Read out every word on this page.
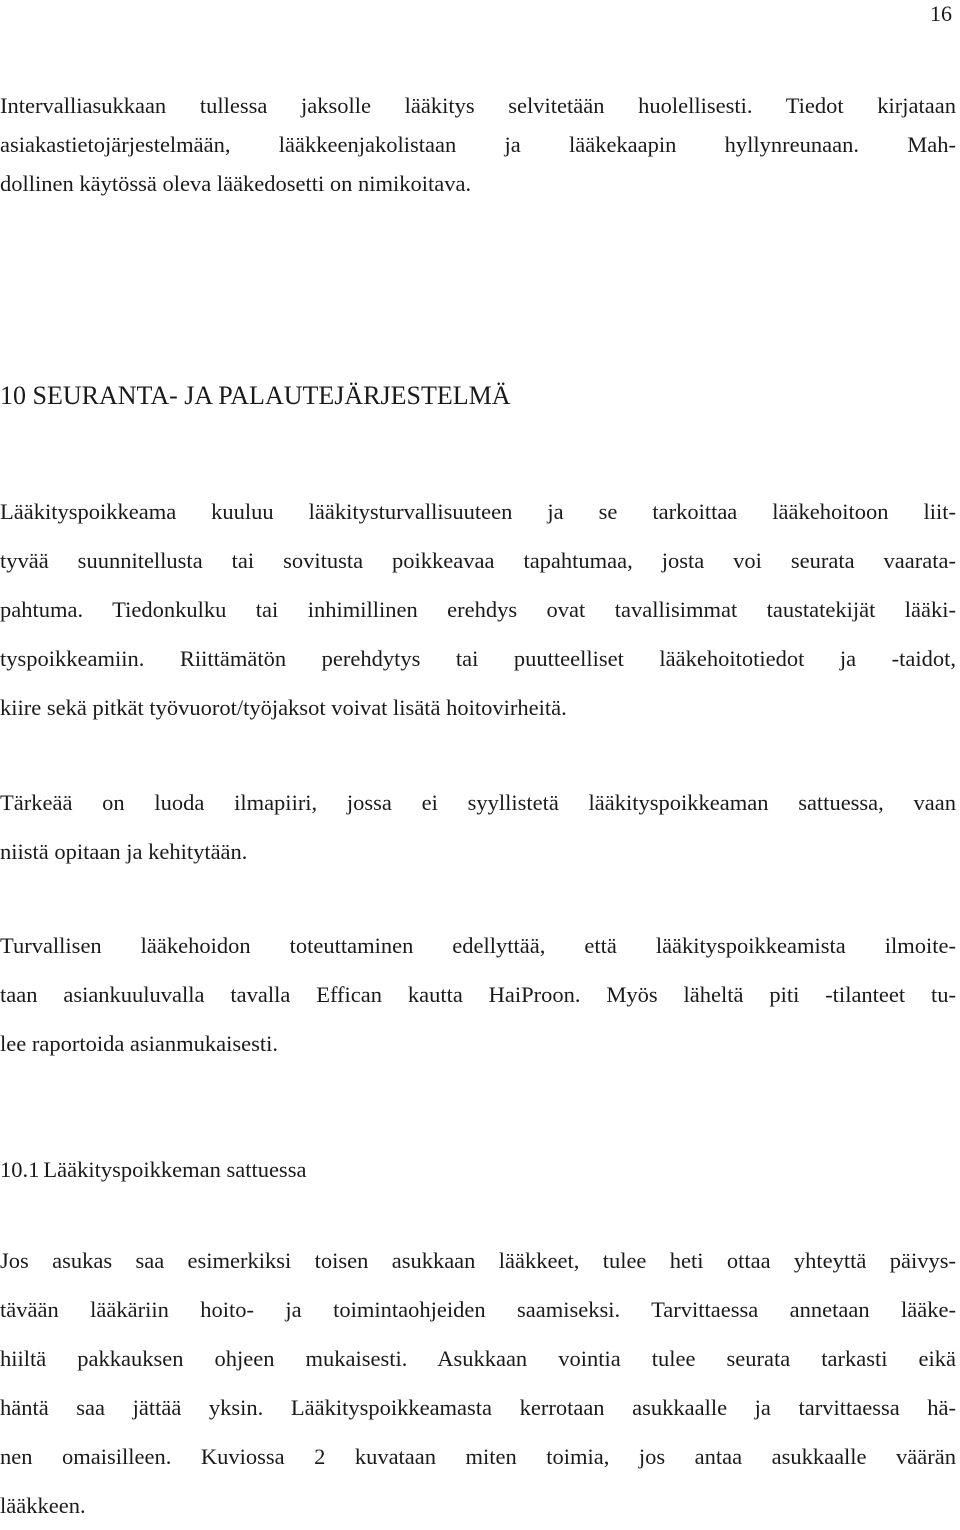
16
Intervalliasukkaan tullessa jaksolle lääkitys selvitetään huolellisesti. Tiedot kirjataan
asiakastietojärjestelmään, lääkkeenjakolistaan ja lääkekaapin hyllynreunaan. Mah-
dollinen käytössä oleva lääkedosetti on nimikoitava.
10 SEURANTA- JA PALAUTEJÄRJESTELMÄ
Lääkityspoikkeama kuuluu lääkitysturvallisuuteen ja se tarkoittaa lääkehoitoon liit-
tyvää suunnitellusta tai sovitusta poikkeavaa tapahtumaa, josta voi seurata vaarata-
pahtuma. Tiedonkulku tai inhimillinen erehdys ovat tavallisimmat taustatekijät lääki-
tyspoikkeamiin. Riittämätön perehdytys tai puutteelliset lääkehoitotiedot ja -taidot,
kiire sekä pitkät työvuorot/työjaksot voivat lisätä hoitovirheitä.
Tärkeää on luoda ilmapiiri, jossa ei syyllistetä lääkityspoikkeaman sattuessa, vaan
niistä opitaan ja kehitytään.
Turvallisen lääkehoidon toteuttaminen edellyttää, että lääkityspoikkeamista ilmoite-
taan asiankuuluvalla tavalla Effican kautta HaiProon. Myös läheltä piti -tilanteet tu-
lee raportoida asianmukaisesti.
10.1 Lääkityspoikkeman sattuessa
Jos asukas saa esimerkiksi toisen asukkaan lääkkeet, tulee heti ottaa yhteyttä päivys-
tävään lääkäriin hoito- ja toimintaohjeiden saamiseksi. Tarvittaessa annetaan lääke-
hiiltä pakkauksen ohjeen mukaisesti. Asukkaan vointia tulee seurata tarkasti eikä
häntä saa jättää yksin. Lääkityspoikkeamasta kerrotaan asukkaalle ja tarvittaessa hä-
nen omaisilleen. Kuviossa 2 kuvataan miten toimia, jos antaa asukkaalle väärän
lääkkeen.
